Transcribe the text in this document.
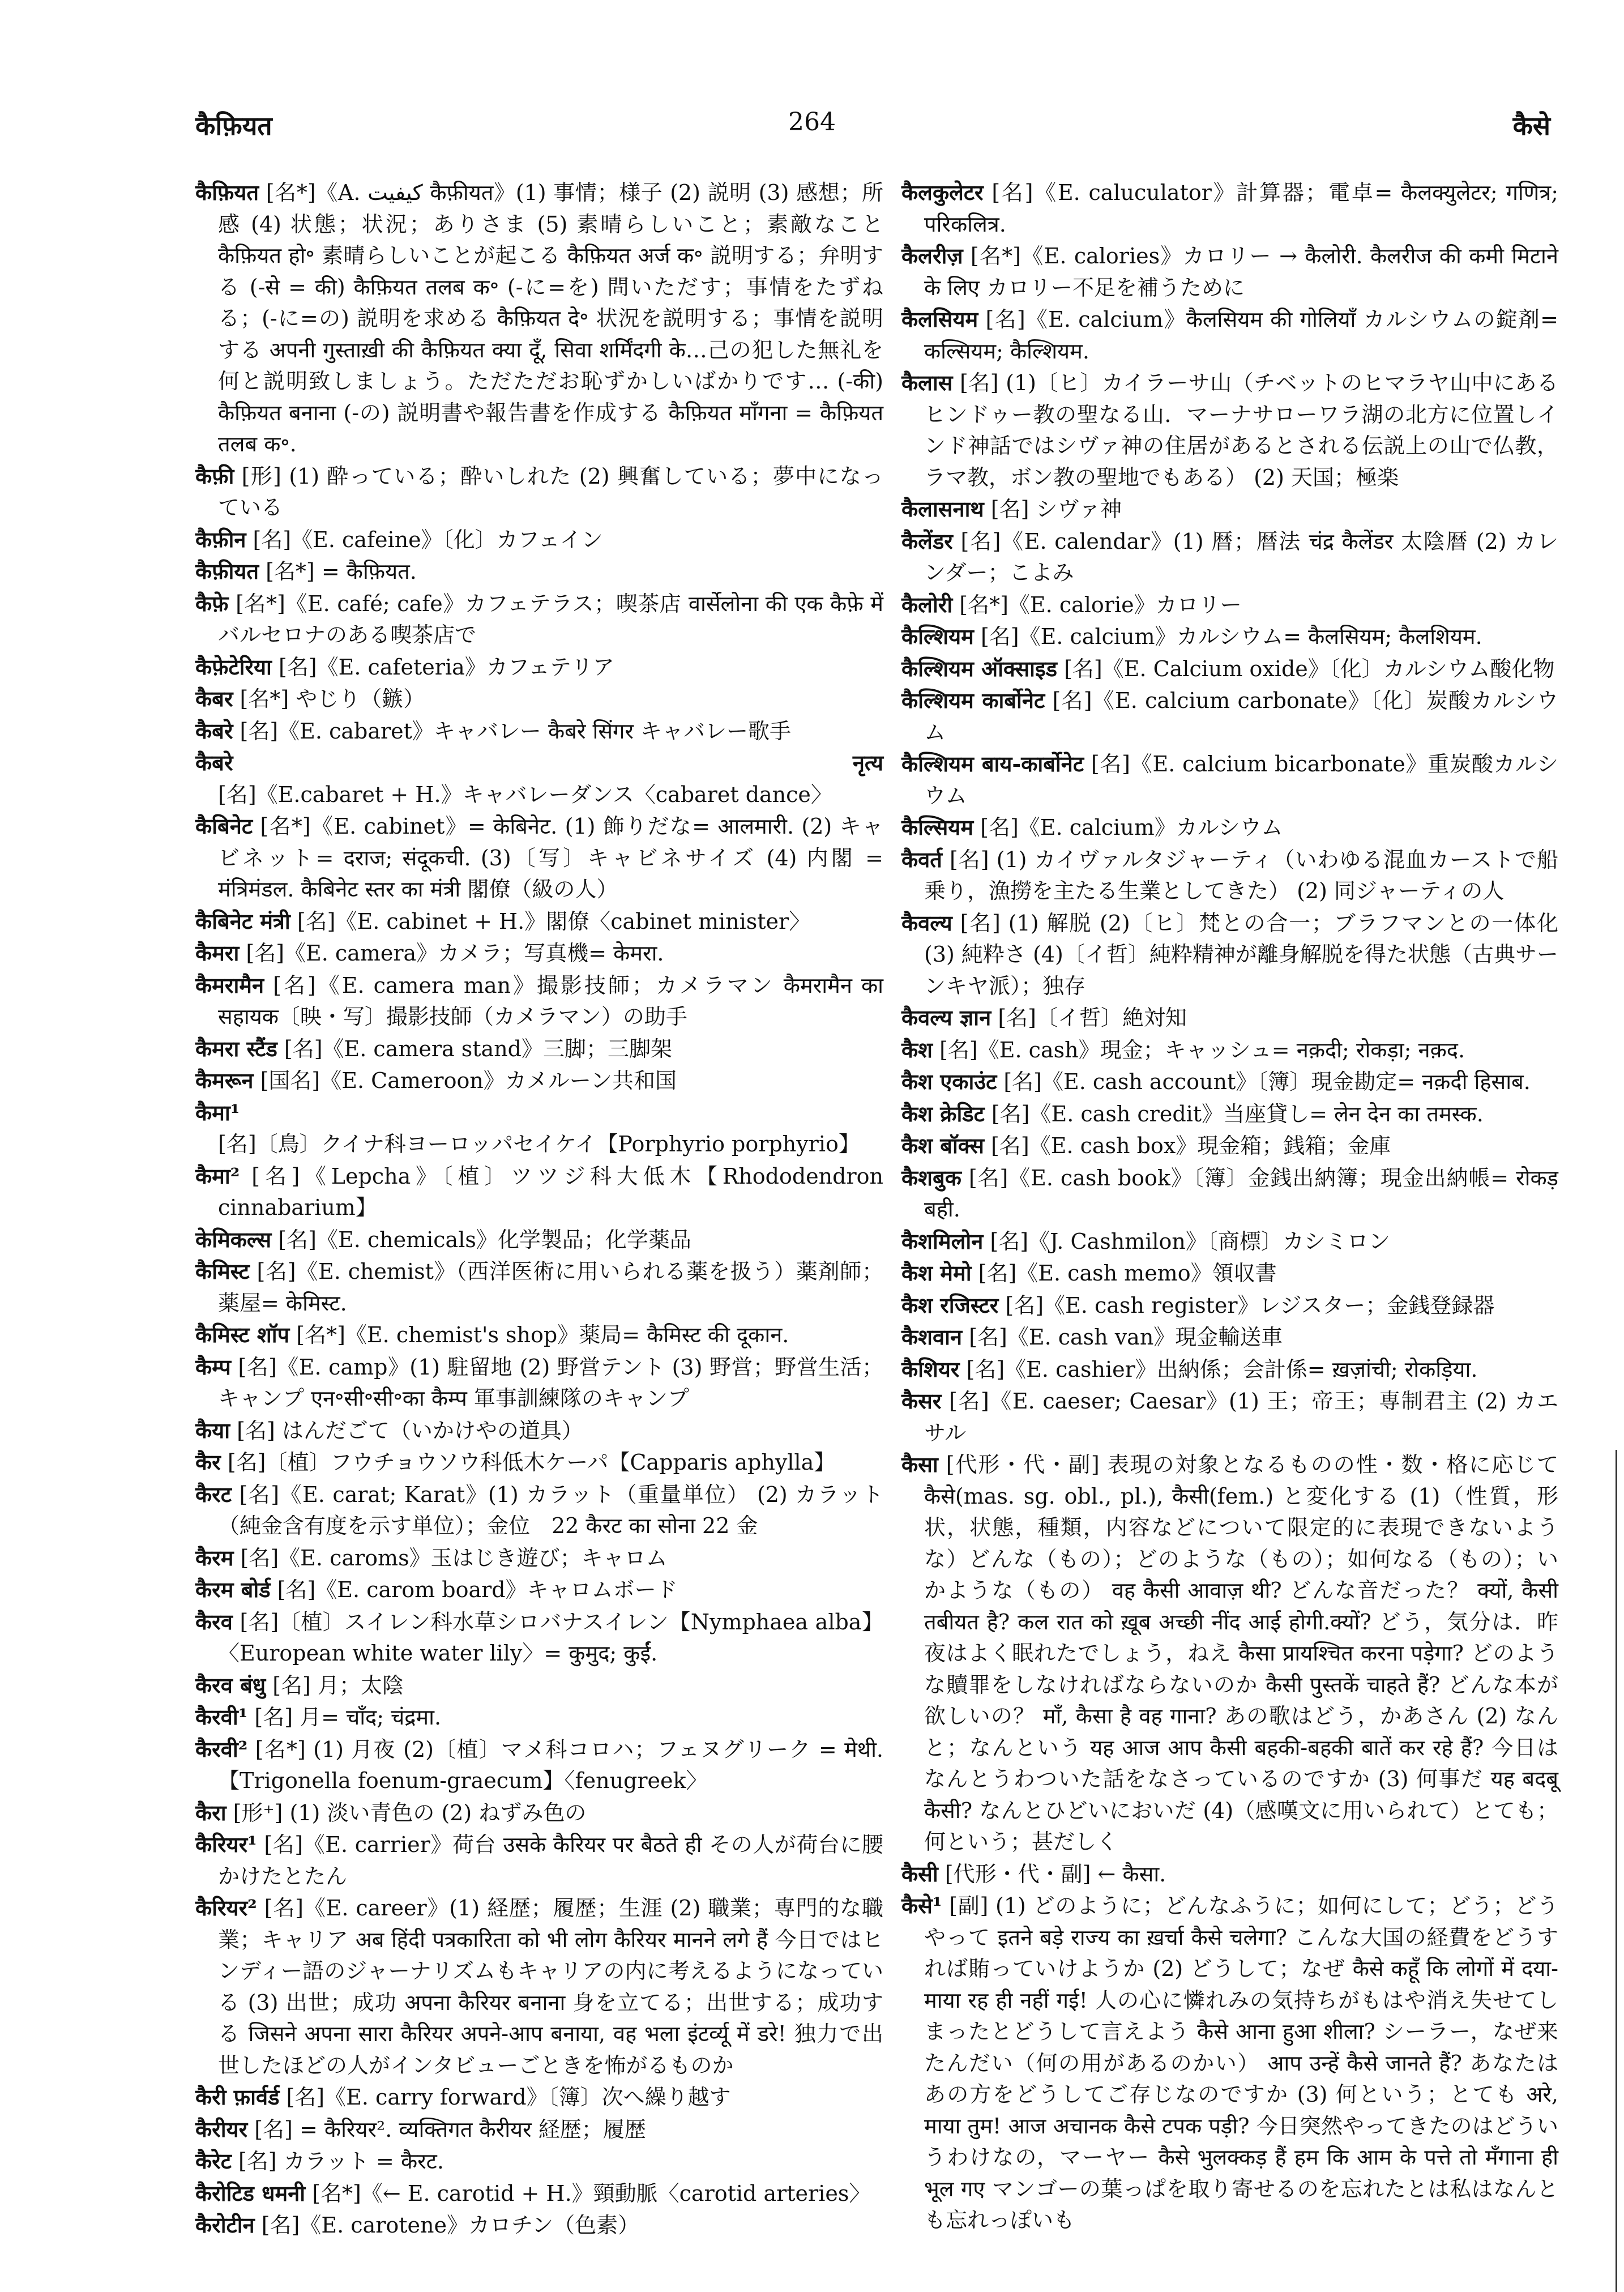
कैफ़ियत	264	कैसे

कैफ़ियत [名*]《A. كيفيت कैफ़ीयत》(1) 事情；様子 (2) 説明 (3) 感想；所感 (4) 状態；状況；ありさま (5) 素晴らしいこと；素敵なこと कैफ़ियत हो॰ 素晴らしいことが起こる कैफ़ियत अर्ज क॰ 説明する；弁明する (-से = की) कैफ़ियत तलब क॰ (-に=を) 問いただす；事情をたずねる；(-に=の) 説明を求める कैफ़ियत दे॰ 状況を説明する；事情を説明する अपनी गुस्ताख़ी की कैफ़ियत क्या दूँ, सिवा शर्मिंदगी के…己の犯した無礼を何と説明致しましょう。ただただお恥ずかしいばかりです… (-की) कैफ़ियत बनाना (-の) 説明書や報告書を作成する कैफ़ियत माँगना = कैफ़ियत तलब क॰.

कैफ़ी [形] (1) 酔っている；酔いしれた (2) 興奮している；夢中になっている

कैफ़ीन [名]《E. cafeine》〔化〕カフェイン

कैफ़ीयत [名*] = कैफ़ियत.

कैफ़े [名*]《E. café; cafe》カフェテラス；喫茶店 वार्सेलोना की एक कैफ़े में バルセロナのある喫茶店で

कैफ़ेटेरिया [名]《E. cafeteria》カフェテリア

कैबर [名*] やじり（鏃）

कैबरे [名]《E. cabaret》キャバレー कैबरे सिंगर キャバレー歌手

कैबरे नृत्य [名]《E.cabaret + H.》キャバレーダンス〈cabaret dance〉

कैबिनेट [名*]《E. cabinet》= केबिनेट. (1) 飾りだな= आलमारी. (2) キャビネット= दराज; संदूकची. (3)〔写〕キャビネサイズ (4) 内閣 = मंत्रिमंडल. कैबिनेट स्तर का मंत्री 閣僚（級の人）

कैबिनेट मंत्री [名]《E. cabinet + H.》閣僚〈cabinet minister〉

कैमरा [名]《E. camera》カメラ；写真機= केमरा.

कैमरामैन [名]《E. camera man》撮影技師；カメラマン कैमरामैन का सहायक〔映・写〕撮影技師（カメラマン）の助手

कैमरा स्टैंड [名]《E. camera stand》三脚；三脚架

कैमरून [国名]《E. Cameroon》カメルーン共和国

कैमा¹ [名]〔鳥〕クイナ科ヨーロッパセイケイ【Porphyrio porphyrio】

कैमा² [名]《Lepcha》〔植〕ツツジ科大低木【Rhododendron cinnabarium】

केमिकल्स [名]《E. chemicals》化学製品；化学薬品

कैमिस्ट [名]《E. chemist》（西洋医術に用いられる薬を扱う）薬剤師；薬屋= केमिस्ट.

कैमिस्ट शॉप [名*]《E. chemist's shop》薬局= कैमिस्ट की दूकान.

कैम्प [名]《E. camp》(1) 駐留地 (2) 野営テント (3) 野営；野営生活；キャンプ एन॰सी॰सी॰का कैम्प 軍事訓練隊のキャンプ

कैया [名] はんだごて（いかけやの道具）

कैर [名]〔植〕フウチョウソウ科低木ケーパ【Capparis aphylla】

कैरट [名]《E. carat; Karat》(1) カラット（重量単位） (2) カラット（純金含有度を示す単位）；金位　22 कैरट का सोना 22 金

कैरम [名]《E. caroms》玉はじき遊び；キャロム

कैरम बोर्ड [名]《E. carom board》キャロムボード

कैरव [名]〔植〕スイレン科水草シロバナスイレン【Nymphaea alba】〈European white water lily〉= कुमुद; कुईं.

कैरव बंधु [名] 月；太陰

कैरवी¹ [名] 月= चाँद; चंद्रमा.

कैरवी² [名*] (1) 月夜 (2)〔植〕マメ科コロハ；フェヌグリーク = मेथी.【Trigonella foenum-graecum】〈fenugreek〉

कैरा [形⁺] (1) 淡い青色の (2) ねずみ色の

कैरियर¹ [名]《E. carrier》荷台 उसके कैरियर पर बैठते ही その人が荷台に腰かけたとたん

कैरियर² [名]《E. career》(1) 経歴；履歴；生涯 (2) 職業；専門的な職業；キャリア अब हिंदी पत्रकारिता को भी लोग कैरियर मानने लगे हैं 今日ではヒンディー語のジャーナリズムもキャリアの内に考えるようになっている (3) 出世；成功 अपना कैरियर बनाना 身を立てる；出世する；成功する जिसने अपना सारा कैरियर अपने-आप बनाया, वह भला इंटर्व्यू में डरे! 独力で出世したほどの人がインタビューごときを怖がるものか

कैरी फ़ार्वर्ड [名]《E. carry forward》〔簿〕次へ繰り越す

कैरीयर [名] = कैरियर². व्यक्तिगत कैरीयर 経歴；履歴

कैरेट [名] カラット = कैरट.

कैरोटिड धमनी [名*]《← E. carotid + H.》頸動脈〈carotid arteries〉

कैरोटीन [名]《E. carotene》カロチン（色素）

कैलकुलेटर [名]《E. caluculator》計算器；電卓= कैलक्युलेटर; गणित्र; परिकलित्र.

कैलरीज़ [名*]《E. calories》カロリー → कैलोरी. कैलरीज की कमी मिटाने के लिए カロリー不足を補うために

कैलसियम [名]《E. calcium》कैलसियम की गोलियाँ カルシウムの錠剤= कल्सियम; कैल्शियम.

कैलास [名] (1)〔ヒ〕カイラーサ山（チベットのヒマラヤ山中にあるヒンドゥー教の聖なる山．マーナサローワラ湖の北方に位置しインド神話ではシヴァ神の住居があるとされる伝説上の山で仏教，ラマ教，ボン教の聖地でもある） (2) 天国；極楽

कैलासनाथ [名] シヴァ神

कैलेंडर [名]《E. calendar》(1) 暦；暦法 चंद्र कैलेंडर 太陰暦 (2) カレンダー；こよみ

कैलोरी [名*]《E. calorie》カロリー

कैल्शियम [名]《E. calcium》カルシウム= कैलसियम; कैलशियम.

कैल्शियम ऑक्साइड [名]《E. Calcium oxide》〔化〕カルシウム酸化物

कैल्शियम कार्बोनेट [名]《E. calcium carbonate》〔化〕炭酸カルシウム

कैल्शियम बाय-कार्बोनेट [名]《E. calcium bicarbonate》重炭酸カルシウム

कैल्सियम [名]《E. calcium》カルシウム

कैवर्त [名] (1) カイヴァルタジャーティ（いわゆる混血カーストで船乗り，漁撈を主たる生業としてきた） (2) 同ジャーティの人

कैवल्य [名] (1) 解脱 (2)〔ヒ〕梵との合一；ブラフマンとの一体化 (3) 純粋さ (4)〔イ哲〕純粋精神が離身解脱を得た状態（古典サーンキヤ派）；独存

कैवल्य ज्ञान [名]〔イ哲〕絶対知

कैश [名]《E. cash》現金；キャッシュ= नक़दी; रोकड़ा; नक़द.

कैश एकाउंट [名]《E. cash account》〔簿〕現金勘定= नक़दी हिसाब.

कैश क्रेडिट [名]《E. cash credit》当座貸し= लेन देन का तमस्क.

कैश बॉक्स [名]《E. cash box》現金箱；銭箱；金庫

कैशबुक [名]《E. cash book》〔簿〕金銭出納簿；現金出納帳= रोकड़ बही.

कैशमिलोन [名]《J. Cashmilon》〔商標〕カシミロン

कैश मेमो [名]《E. cash memo》領収書

कैश रजिस्टर [名]《E. cash register》レジスター；金銭登録器

कैशवान [名]《E. cash van》現金輸送車

कैशियर [名]《E. cashier》出納係；会計係= ख़ज़ांची; रोकड़िया.

कैसर [名]《E. caeser; Caesar》(1) 王；帝王；専制君主 (2) カエサル

कैसा [代形・代・副] 表現の対象となるものの性・数・格に応じて कैसे(mas. sg. obl., pl.), कैसी(fem.) と変化する (1)（性質，形状，状態，種類，内容などについて限定的に表現できないような）どんな（もの）；どのような（もの）；如何なる（もの）；いかような（もの） वह कैसी आवाज़ थी? どんな音だった？ क्यों, कैसी तबीयत है? कल रात को ख़ूब अच्छी नींद आई होगी.क्यों? どう，気分は．昨夜はよく眠れたでしょう，ねえ कैसा प्रायश्चित करना पड़ेगा? どのような贖罪をしなければならないのか कैसी पुस्तकें चाहते हैं? どんな本が欲しいの？ माँ, कैसा है वह गाना? あの歌はどう，かあさん (2) なんと；なんという यह आज आप कैसी बहकी-बहकी बातें कर रहे हैं? 今日はなんとうわついた話をなさっているのですか (3) 何事だ यह बदबू कैसी? なんとひどいにおいだ (4)（感嘆文に用いられて）とても；何という；甚だしく

कैसी [代形・代・副] ← कैसा.

कैसे¹ [副] (1) どのように；どんなふうに；如何にして；どう；どうやって इतने बड़े राज्य का ख़र्चा कैसे चलेगा? こんな大国の経費をどうすれば賄っていけようか (2) どうして；なぜ कैसे कहूँ कि लोगों में दया-माया रह ही नहीं गई! 人の心に憐れみの気持ちがもはや消え失せてしまったとどうして言えよう कैसे आना हुआ शीला? シーラー，なぜ来たんだい（何の用があるのかい） आप उन्हें कैसे जानते हैं? あなたはあの方をどうしてご存じなのですか (3) 何という；とても अरे, माया तुम! आज अचानक कैसे टपक पड़ी? 今日突然やってきたのはどういうわけなの，マーヤー कैसे भुलक्कड़ हैं हम कि आम के पत्ते तो मँगाना ही भूल गए マンゴーの葉っぱを取り寄せるのを忘れたとは私はなんとも忘れっぽいも
